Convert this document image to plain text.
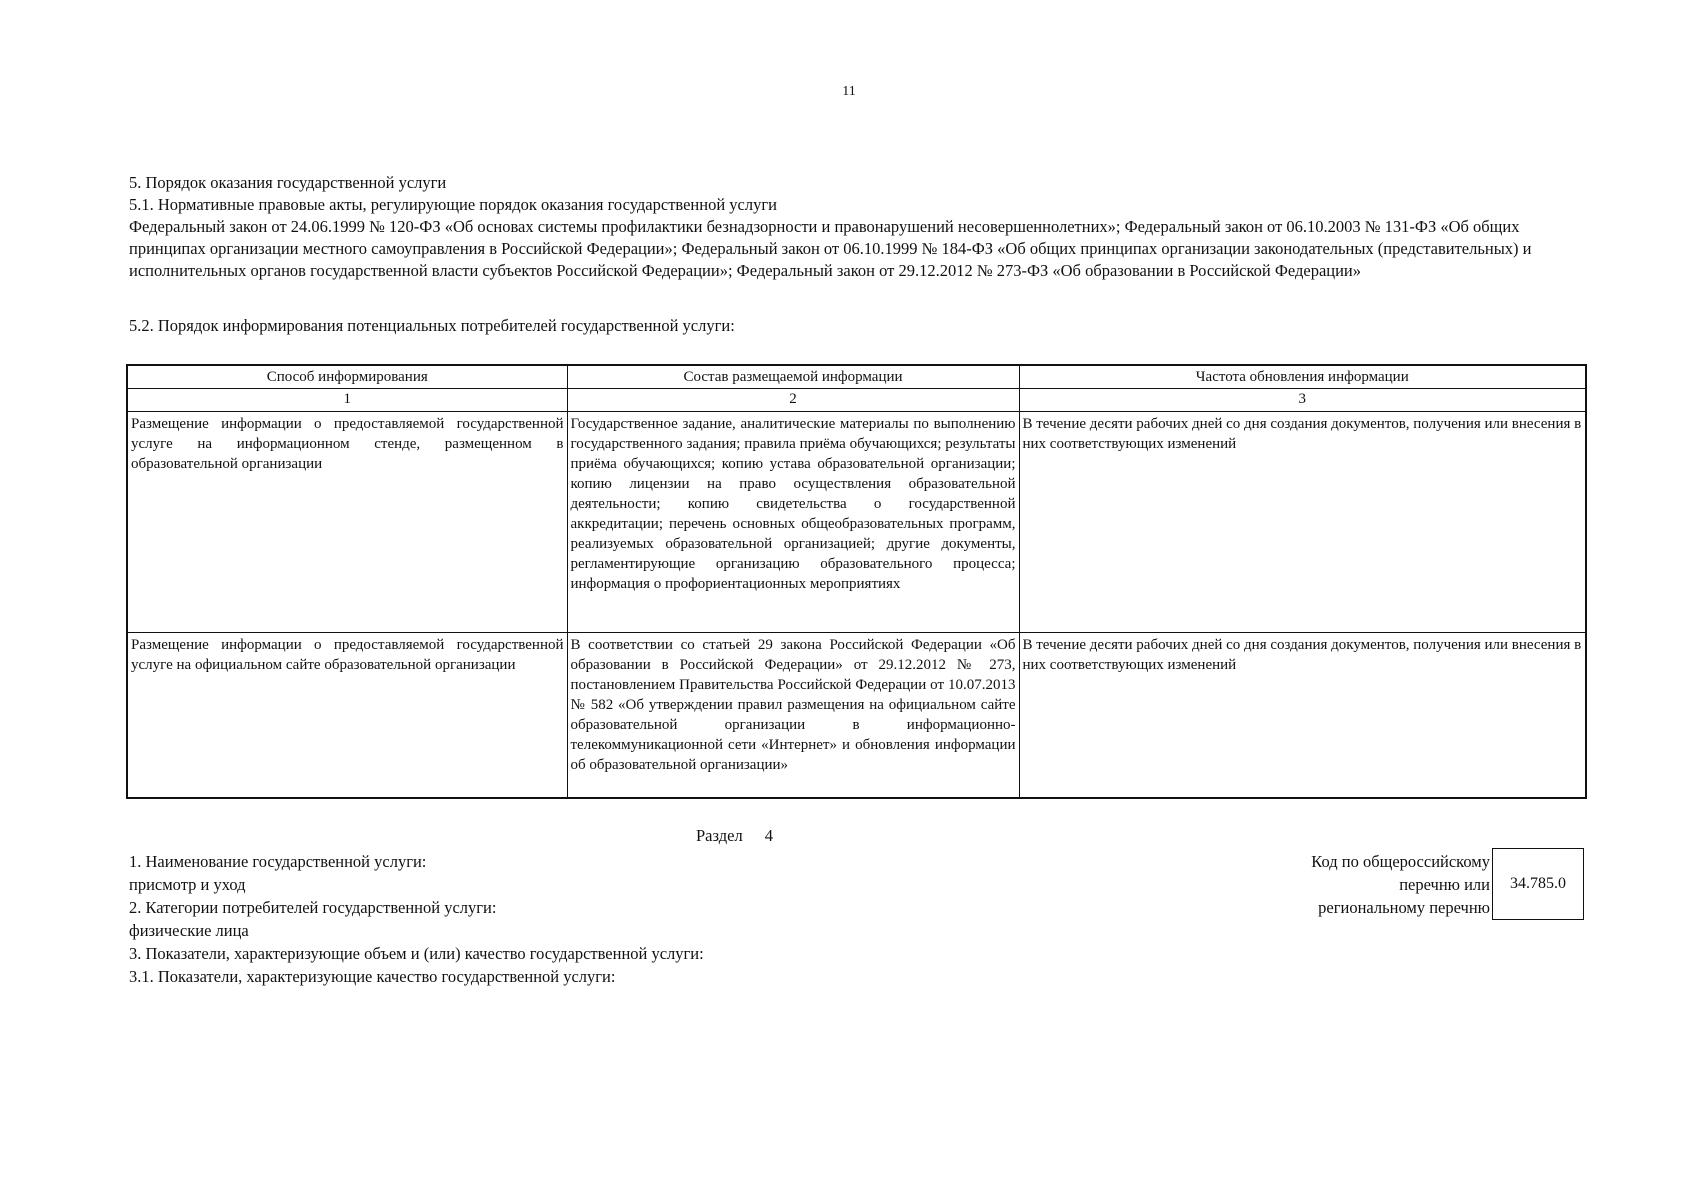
11

5. Порядок оказания государственной услуги

5.1. Нормативные правовые акты, регулирующие порядок оказания государственной услуги

Федеральный закон от 24.06.1999 № 120-ФЗ «Об основах системы профилактики безнадзорности и правонарушений несовершеннолетних»; Федеральный закон от 06.10.2003 № 131-ФЗ «Об общих принципах организации местного самоуправления в Российской Федерации»; Федеральный закон от 06.10.1999 № 184-ФЗ «Об общих принципах организации законодательных (представительных) и исполнительных органов государственной власти субъектов Российской Федерации»; Федеральный закон от 29.12.2012 № 273-ФЗ «Об образовании в Российской Федерации»

5.2. Порядок информирования потенциальных потребителей государственной услуги:

Способ информирования	Состав размещаемой информации	Частота обновления информации
1	2	3
Размещение информации о предоставляемой государственной услуге на информационном стенде, размещенном в образовательной организации	Государственное задание, аналитические материалы по выполнению государственного задания; правила приёма обучающихся; результаты приёма обучающихся; копию устава образовательной организации; копию лицензии на право осуществления образовательной деятельности; копию свидетельства о государственной аккредитации; перечень основных общеобразовательных программ, реализуемых образовательной организацией; другие документы, регламентирующие организацию образовательного процесса; информация о профориентационных мероприятиях	В течение десяти рабочих дней со дня создания документов, получения или внесения в них соответствующих изменений
Размещение информации о предоставляемой государственной услуге на официальном сайте образовательной организации	В соответствии со статьей 29 закона Российской Федерации «Об образовании в Российской Федерации» от 29.12.2012 № 273, постановлением Правительства Российской Федерации от 10.07.2013 № 582 «Об утверждении правил размещения на официальном сайте образовательной организации в информационно-телекоммуникационной сети «Интернет» и обновления информации об образовательной организации»	В течение десяти рабочих дней со дня создания документов, получения или внесения в них соответствующих изменений
Раздел 4

1. Наименование государственной услуги:

присмотр и уход

2. Категории потребителей государственной услуги:

физические лица

3. Показатели, характеризующие объем и (или) качество государственной услуги:

3.1. Показатели, характеризующие качество государственной услуги:

Код по общероссийскому

перечню или

региональному перечню

34.785.0
